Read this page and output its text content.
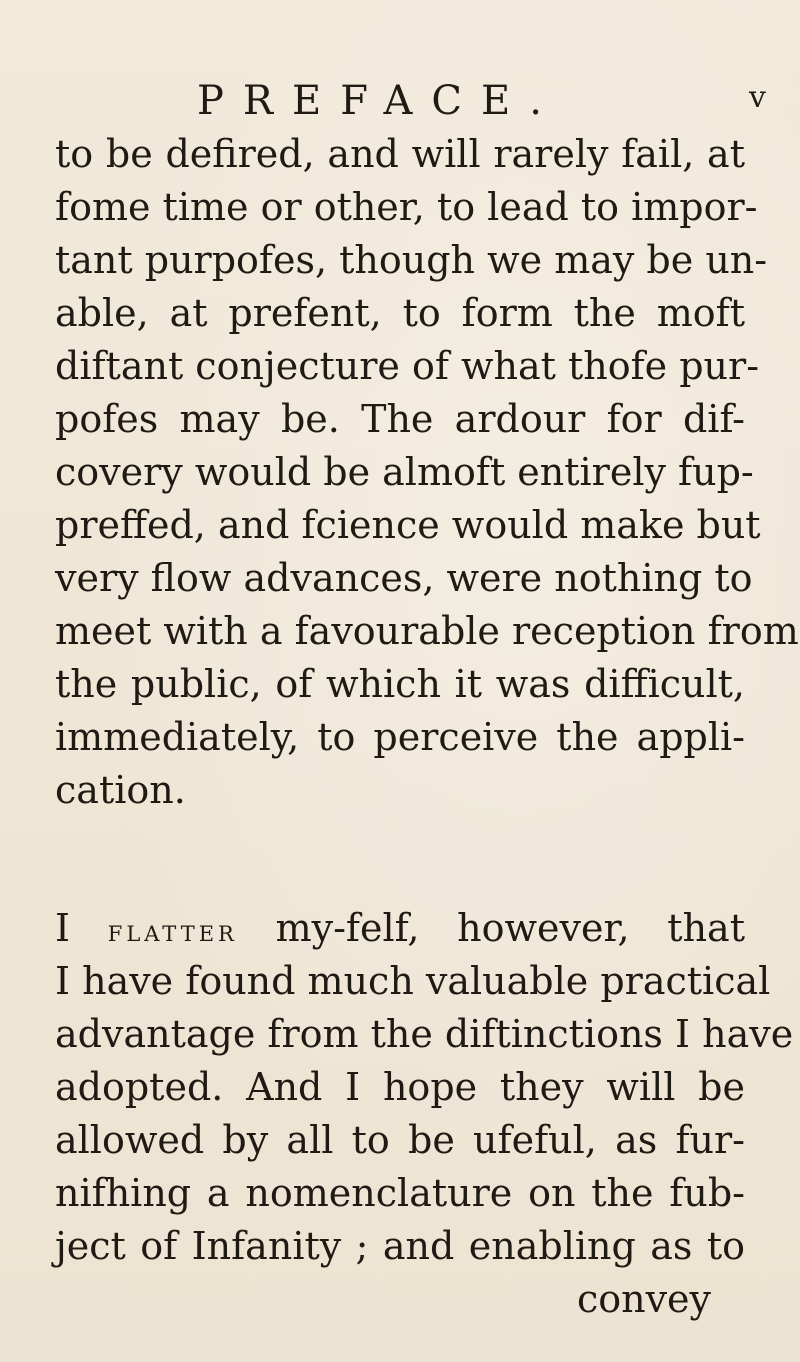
PREFACE.	v
to be defired, and will rarely fail, at
fome time or other, to lead to impor-
tant purpofes, though we may be un-
able, at prefent, to form the moft
diftant conjecture of what thofe pur-
pofes may be. The ardour for dif-
covery would be almoft entirely fup-
preffed, and fcience would make but
very flow advances, were nothing to
meet with a favourable reception from
the public, of which it was difficult,
immediately, to perceive the appli-
cation.
I flatter my-felf, however, that
I have found much valuable practical
advantage from the diftinctions I have
adopted. And I hope they will be
allowed by all to be ufeful, as fur-
nifhing a nomenclature on the fub-
ject of Infanity ; and enabling as to
convey
